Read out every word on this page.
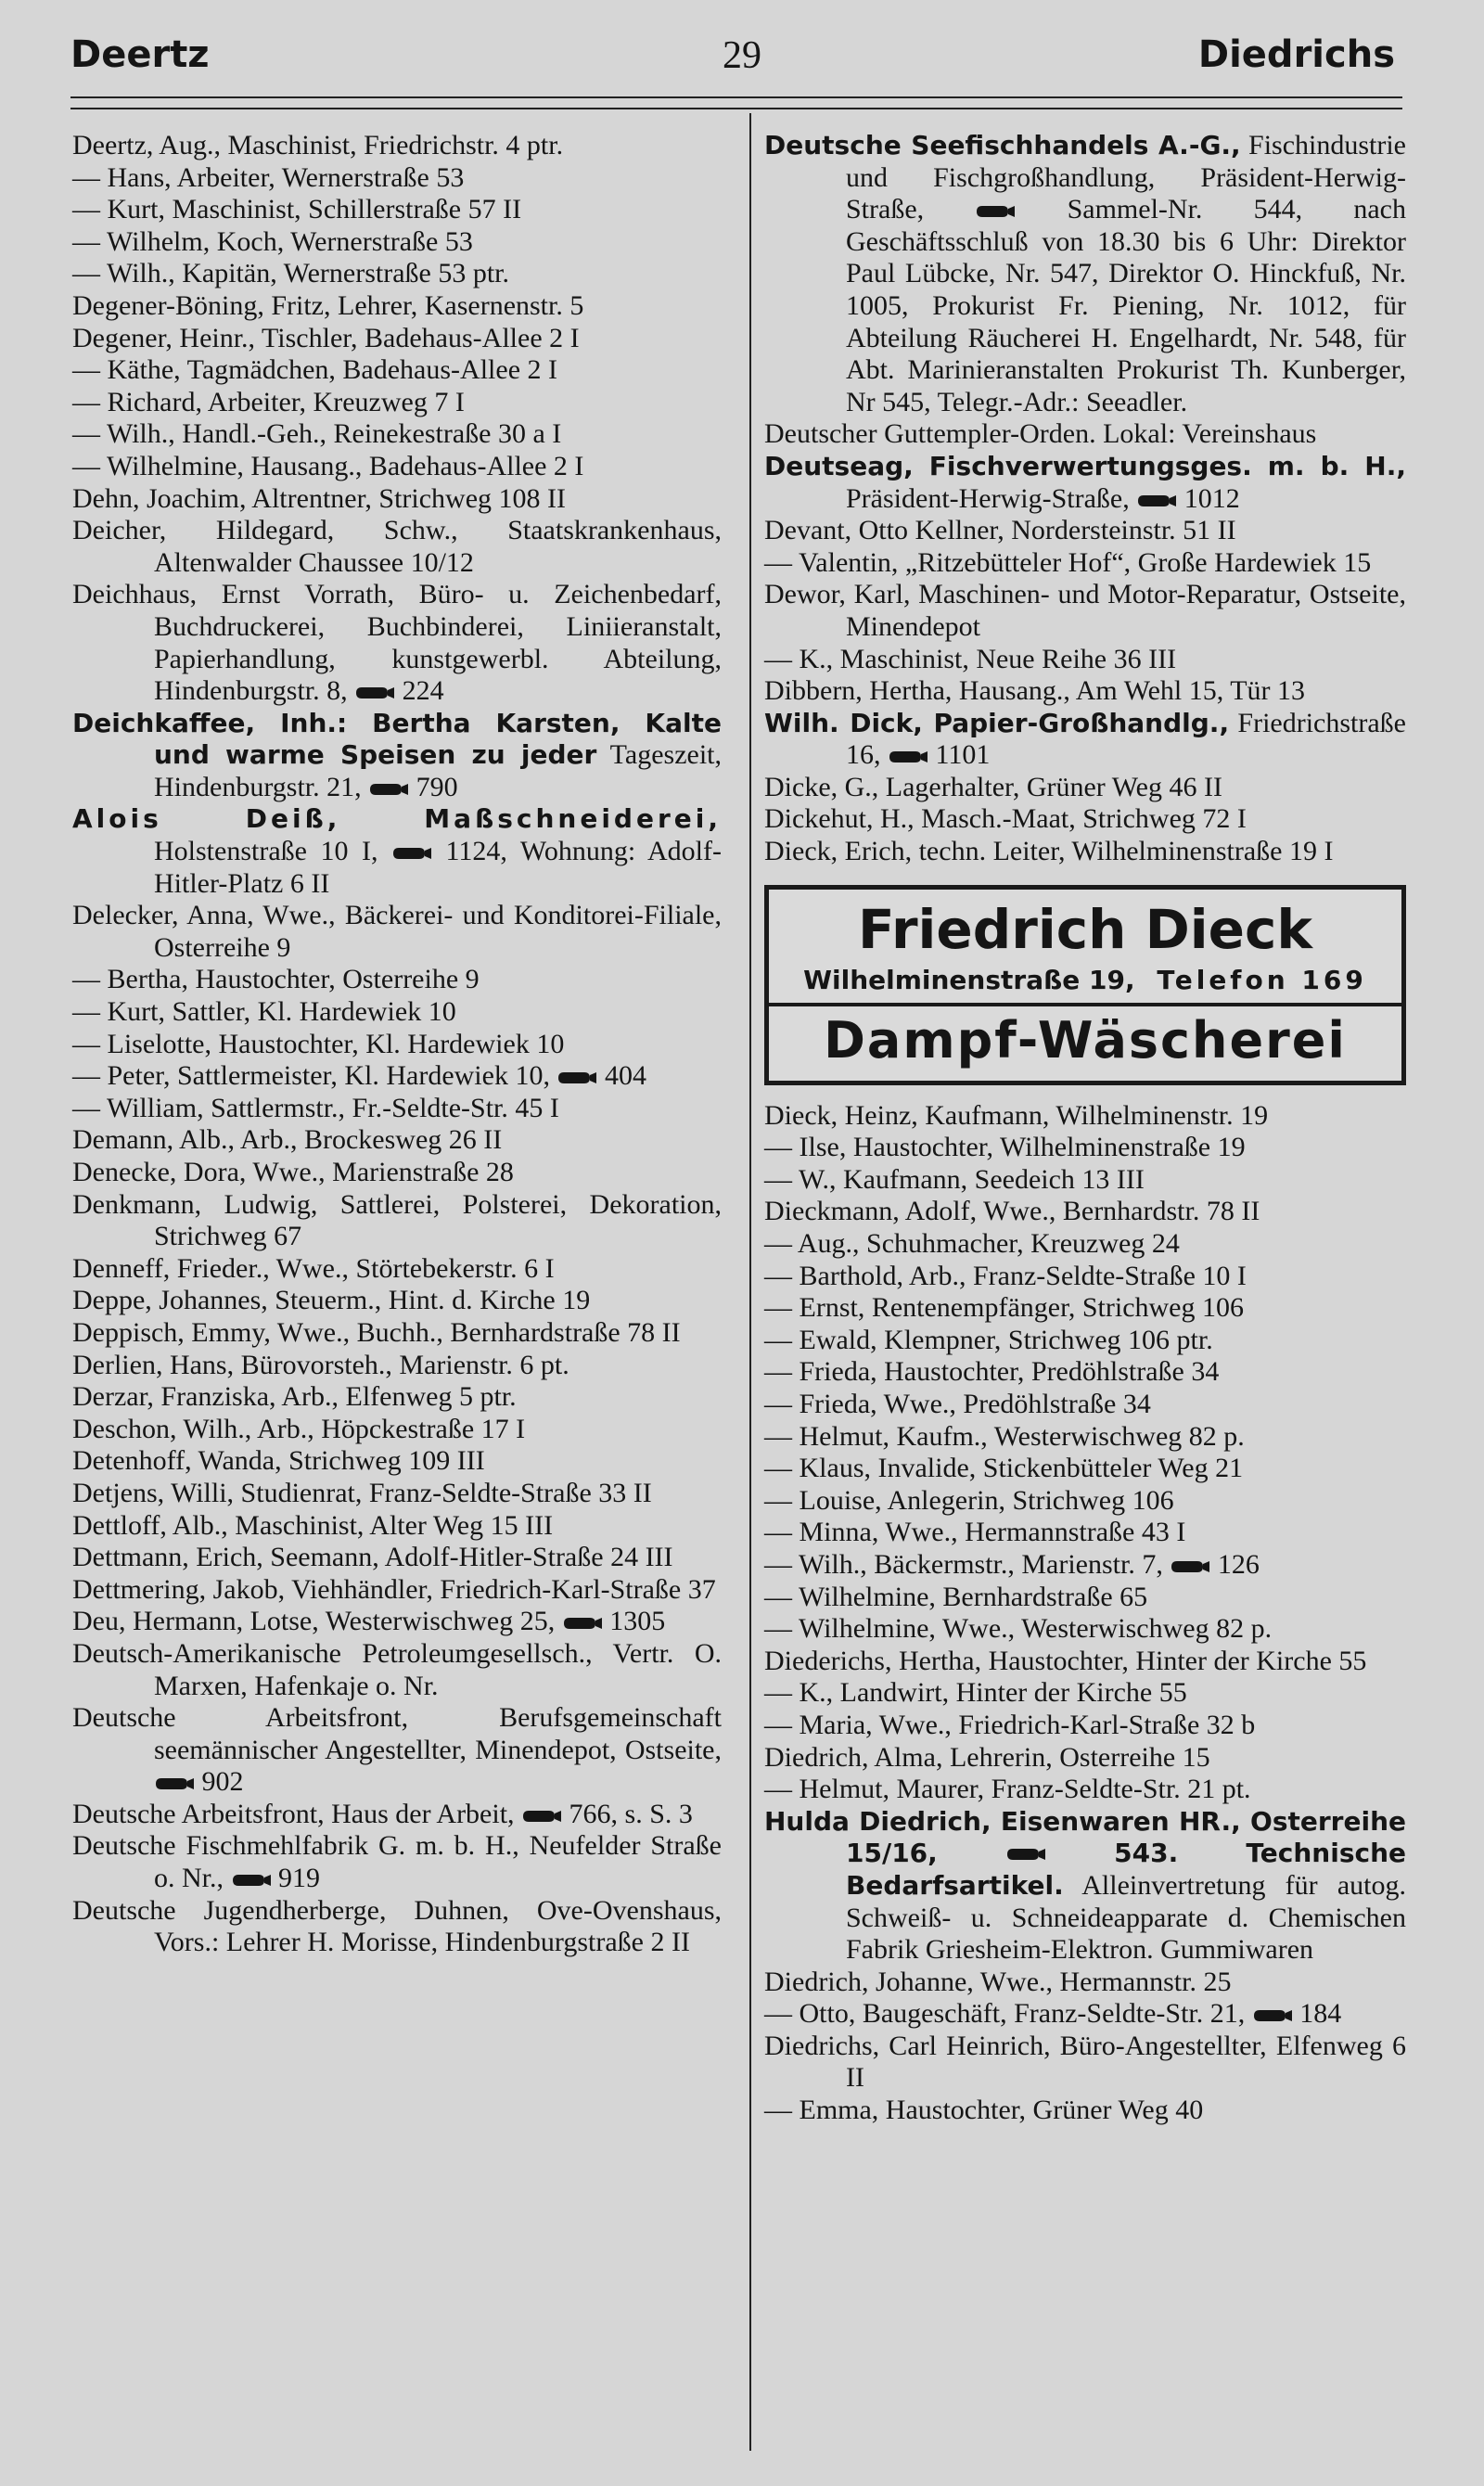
29
Deertz	Diedrichs

Deertz, Aug., Maschinist, Friedrichstr. 4 ptr.

— Hans, Arbeiter, Wernerstraße 53

— Kurt, Maschinist, Schillerstraße 57 II

— Wilhelm, Koch, Wernerstraße 53

— Wilh., Kapitän, Wernerstraße 53 ptr.

Degener-Böning, Fritz, Lehrer, Kasernenstr. 5

Degener, Heinr., Tischler, Badehaus-Allee 2 I

— Käthe, Tagmädchen, Badehaus-Allee 2 I

— Richard, Arbeiter, Kreuzweg 7 I

— Wilh., Handl.-Geh., Reinekestraße 30 a I

— Wilhelmine, Hausang., Badehaus-Allee 2 I

Dehn, Joachim, Altrentner, Strichweg 108 II

Deicher, Hildegard, Schw., Staatskrankenhaus, Altenwalder Chaussee 10/12

Deichhaus, Ernst Vorrath, Büro- u. Zeichenbedarf, Buchdruckerei, Buchbinderei, Liniieranstalt, Papierhandlung, kunstgewerbl. Abteilung, Hindenburgstr. 8,  224

Deichkaffee, Inh.: Bertha Karsten, Kalte und warme Speisen zu jeder Tageszeit, Hindenburgstr. 21,  790

Alois Deiß, Maßschneiderei, Holstenstraße 10 I,  1124, Wohnung: Adolf-Hitler-Platz 6 II

Delecker, Anna, Wwe., Bäckerei- und Konditorei-Filiale, Osterreihe 9

— Bertha, Haustochter, Osterreihe 9

— Kurt, Sattler, Kl. Hardewiek 10

— Liselotte, Haustochter, Kl. Hardewiek 10

— Peter, Sattlermeister, Kl. Hardewiek 10,  404

— William, Sattlermstr., Fr.-Seldte-Str. 45 I

Demann, Alb., Arb., Brockesweg 26 II

Denecke, Dora, Wwe., Marienstraße 28

Denkmann, Ludwig, Sattlerei, Polsterei, Dekoration, Strichweg 67

Denneff, Frieder., Wwe., Störtebekerstr. 6 I

Deppe, Johannes, Steuerm., Hint. d. Kirche 19

Deppisch, Emmy, Wwe., Buchh., Bernhardstraße 78 II

Derlien, Hans, Bürovorsteh., Marienstr. 6 pt.

Derzar, Franziska, Arb., Elfenweg 5 ptr.

Deschon, Wilh., Arb., Höpckestraße 17 I

Detenhoff, Wanda, Strichweg 109 III

Detjens, Willi, Studienrat, Franz-Seldte-Straße 33 II

Dettloff, Alb., Maschinist, Alter Weg 15 III

Dettmann, Erich, Seemann, Adolf-Hitler-Straße 24 III

Dettmering, Jakob, Viehhändler, Friedrich-Karl-Straße 37

Deu, Hermann, Lotse, Westerwischweg 25,  1305

Deutsch-Amerikanische Petroleumgesellsch., Vertr. O. Marxen, Hafenkaje o. Nr.

Deutsche Arbeitsfront, Berufsgemeinschaft seemännischer Angestellter, Minendepot, Ostseite,  902

Deutsche Arbeitsfront, Haus der Arbeit,  766, s. S. 3

Deutsche Fischmehlfabrik G. m. b. H., Neufelder Straße o. Nr.,  919

Deutsche Jugendherberge, Duhnen, Ove-Ovenshaus, Vors.: Lehrer H. Morisse, Hindenburgstraße 2 II

Deutsche Seefischhandels A.-G., Fischindustrie und Fischgroßhandlung, Präsident-Herwig-Straße,  Sammel-Nr. 544, nach Geschäftsschluß von 18.30 bis 6 Uhr: Direktor Paul Lübcke, Nr. 547, Direktor O. Hinckfuß, Nr. 1005, Prokurist Fr. Piening, Nr. 1012, für Abteilung Räucherei H. Engelhardt, Nr. 548, für Abt. Marinieranstalten Prokurist Th. Kunberger, Nr 545, Telegr.-Adr.: Seeadler.

Deutscher Guttempler-Orden. Lokal: Vereinshaus

Deutseag, Fischverwertungsges. m. b. H., Präsident-Herwig-Straße,  1012

Devant, Otto Kellner, Nordersteinstr. 51 II

— Valentin, „Ritzebütteler Hof“, Große Hardewiek 15

Dewor, Karl, Maschinen- und Motor-Reparatur, Ostseite, Minendepot

— K., Maschinist, Neue Reihe 36 III

Dibbern, Hertha, Hausang., Am Wehl 15, Tür 13

Wilh. Dick, Papier-Großhandlg., Friedrichstraße 16,  1101

Dicke, G., Lagerhalter, Grüner Weg 46 II

Dickehut, H., Masch.-Maat, Strichweg 72 I

Dieck, Erich, techn. Leiter, Wilhelminenstraße 19 I

Friedrich Dieck
Wilhelminenstraße 19, Telefon 169
Dampf-Wäscherei

Dieck, Heinz, Kaufmann, Wilhelminenstr. 19

— Ilse, Haustochter, Wilhelminenstraße 19

— W., Kaufmann, Seedeich 13 III

Dieckmann, Adolf, Wwe., Bernhardstr. 78 II

— Aug., Schuhmacher, Kreuzweg 24

— Barthold, Arb., Franz-Seldte-Straße 10 I

— Ernst, Rentenempfänger, Strichweg 106

— Ewald, Klempner, Strichweg 106 ptr.

— Frieda, Haustochter, Predöhlstraße 34

— Frieda, Wwe., Predöhlstraße 34

— Helmut, Kaufm., Westerwischweg 82 p.

— Klaus, Invalide, Stickenbütteler Weg 21

— Louise, Anlegerin, Strichweg 106

— Minna, Wwe., Hermannstraße 43 I

— Wilh., Bäckermstr., Marienstr. 7,  126

— Wilhelmine, Bernhardstraße 65

— Wilhelmine, Wwe., Westerwischweg 82 p.

Diederichs, Hertha, Haustochter, Hinter der Kirche 55

— K., Landwirt, Hinter der Kirche 55

— Maria, Wwe., Friedrich-Karl-Straße 32 b

Diedrich, Alma, Lehrerin, Osterreihe 15

— Helmut, Maurer, Franz-Seldte-Str. 21 pt.

Hulda Diedrich, Eisenwaren HR., Osterreihe 15/16,  543. Technische Bedarfsartikel. Alleinvertretung für autog. Schweiß- u. Schneideapparate d. Chemischen Fabrik Griesheim-Elektron. Gummiwaren

Diedrich, Johanne, Wwe., Hermannstr. 25

— Otto, Baugeschäft, Franz-Seldte-Str. 21,  184

Diedrichs, Carl Heinrich, Büro-Angestellter, Elfenweg 6 II

— Emma, Haustochter, Grüner Weg 40
